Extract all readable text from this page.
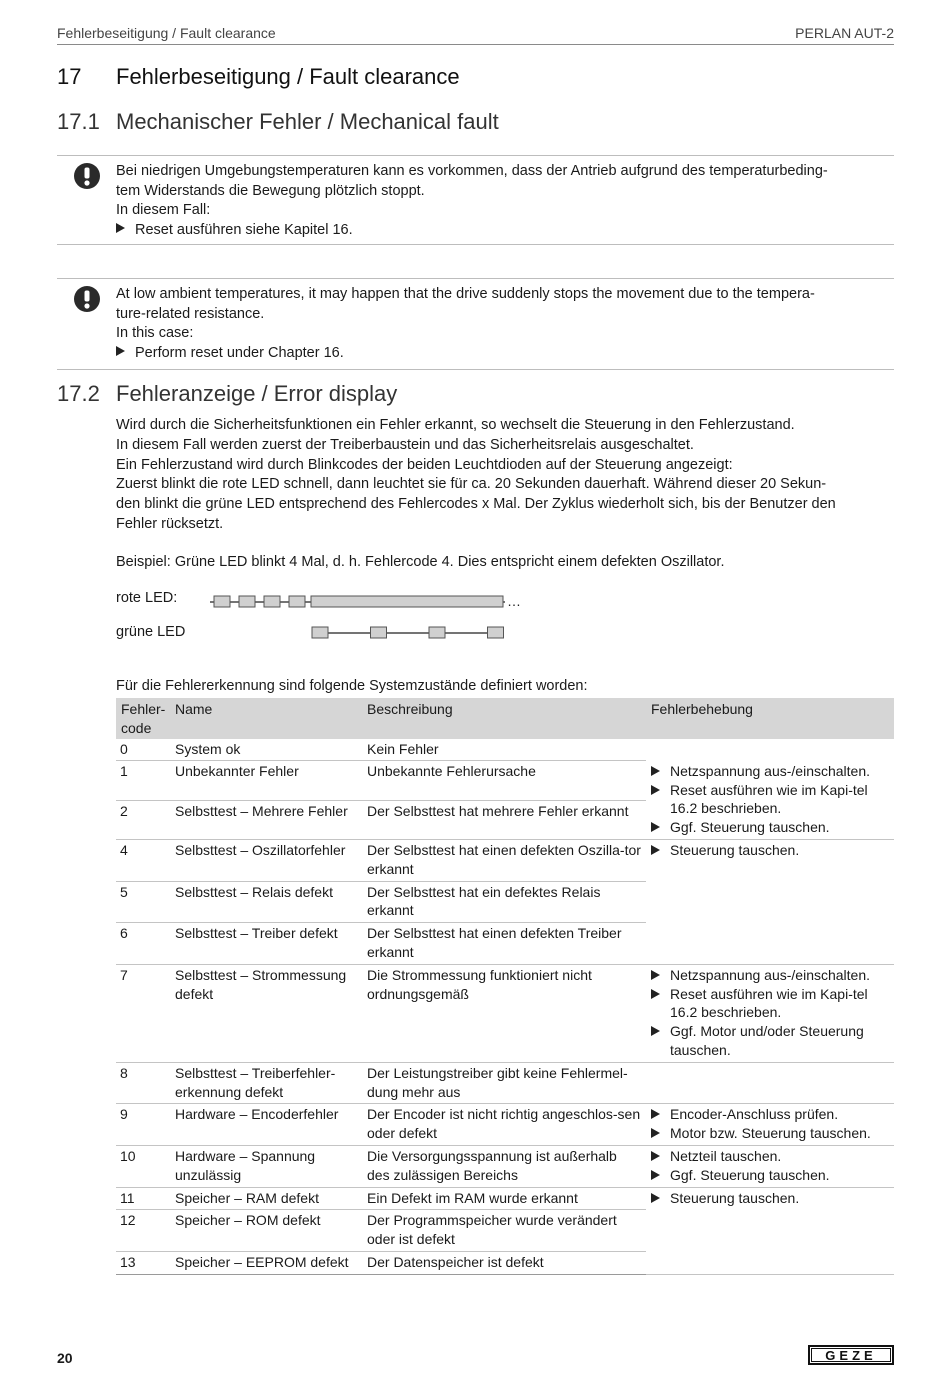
Fehlerbeseitigung / Fault clearance	PERLAN AUT-2
17 Fehlerbeseitigung / Fault clearance
17.1 Mechanischer Fehler / Mechanical fault
Bei niedrigen Umgebungstemperaturen kann es vorkommen, dass der Antrieb aufgrund des temperaturbeding-
tem Widerstands die Bewegung plötzlich stoppt.
In diesem Fall:
Reset ausführen siehe Kapitel 16.
At low ambient temperatures, it may happen that the drive suddenly stops the movement due to the tempera-
ture-related resistance.
In this case:
Perform reset under Chapter 16.
17.2 Fehleranzeige / Error display
Wird durch die Sicherheitsfunktionen ein Fehler erkannt, so wechselt die Steuerung in den Fehlerzustand.
In diesem Fall werden zuerst der Treiberbaustein und das Sicherheitsrelais ausgeschaltet.
Ein Fehlerzustand wird durch Blinkcodes der beiden Leuchtdioden auf der Steuerung angezeigt:
Zuerst blinkt die rote LED schnell, dann leuchtet sie für ca. 20 Sekunden dauerhaft. Während dieser 20 Sekun-
den blinkt die grüne LED entsprechend des Fehlercodes x Mal. Der Zyklus wiederholt sich, bis der Benutzer den
Fehler rücksetzt.
Beispiel: Grüne LED blinkt 4 Mal, d. h. Fehlercode 4. Dies entspricht einem defekten Oszillator.
rote LED:
grüne LED
…
Für die Fehlererkennung sind folgende Systemzustände definiert worden:
Fehler-
code	Name	Beschreibung	Fehlerbehebung
0	System ok	Kein Fehler	
1	Unbekannter Fehler	Unbekannte Fehlerursache	Netzspannung aus-/einschalten.
Reset ausführen wie im Kapi-tel 16.2 beschrieben.
Ggf. Steuerung tauschen.

2	Selbsttest – Mehrere Fehler	Der Selbsttest hat mehrere Fehler erkannt	
4	Selbsttest – Oszillatorfehler	Der Selbsttest hat einen defekten Oszilla-tor erkannt	Steuerung tauschen.

5	Selbsttest – Relais defekt	Der Selbsttest hat ein defektes Relais erkannt	
6	Selbsttest – Treiber defekt	Der Selbsttest hat einen defekten Treiber erkannt	
7	Selbsttest – Strommessung defekt	Die Strommessung funktioniert nicht ordnungsgemäß	Netzspannung aus-/einschalten.
Reset ausführen wie im Kapi-tel 16.2 beschrieben.
Ggf. Motor und/oder Steuerung tauschen.

8	Selbsttest – Treiberfehler-erkennung defekt	Der Leistungstreiber gibt keine Fehlermel-dung mehr aus	
9	Hardware – Encoderfehler	Der Encoder ist nicht richtig angeschlos-sen oder defekt	Encoder-Anschluss prüfen.
Motor bzw. Steuerung tauschen.

10	Hardware – Spannung unzulässig	Die Versorgungsspannung ist außerhalb des zulässigen Bereichs	Netzteil tauschen.
Ggf. Steuerung tauschen.

11	Speicher – RAM defekt	Ein Defekt im RAM wurde erkannt	Steuerung tauschen.

12	Speicher – ROM defekt	Der Programmspeicher wurde verändert oder ist defekt	
13	Speicher – EEPROM defekt	Der Datenspeicher ist defekt	
20	GEZE
